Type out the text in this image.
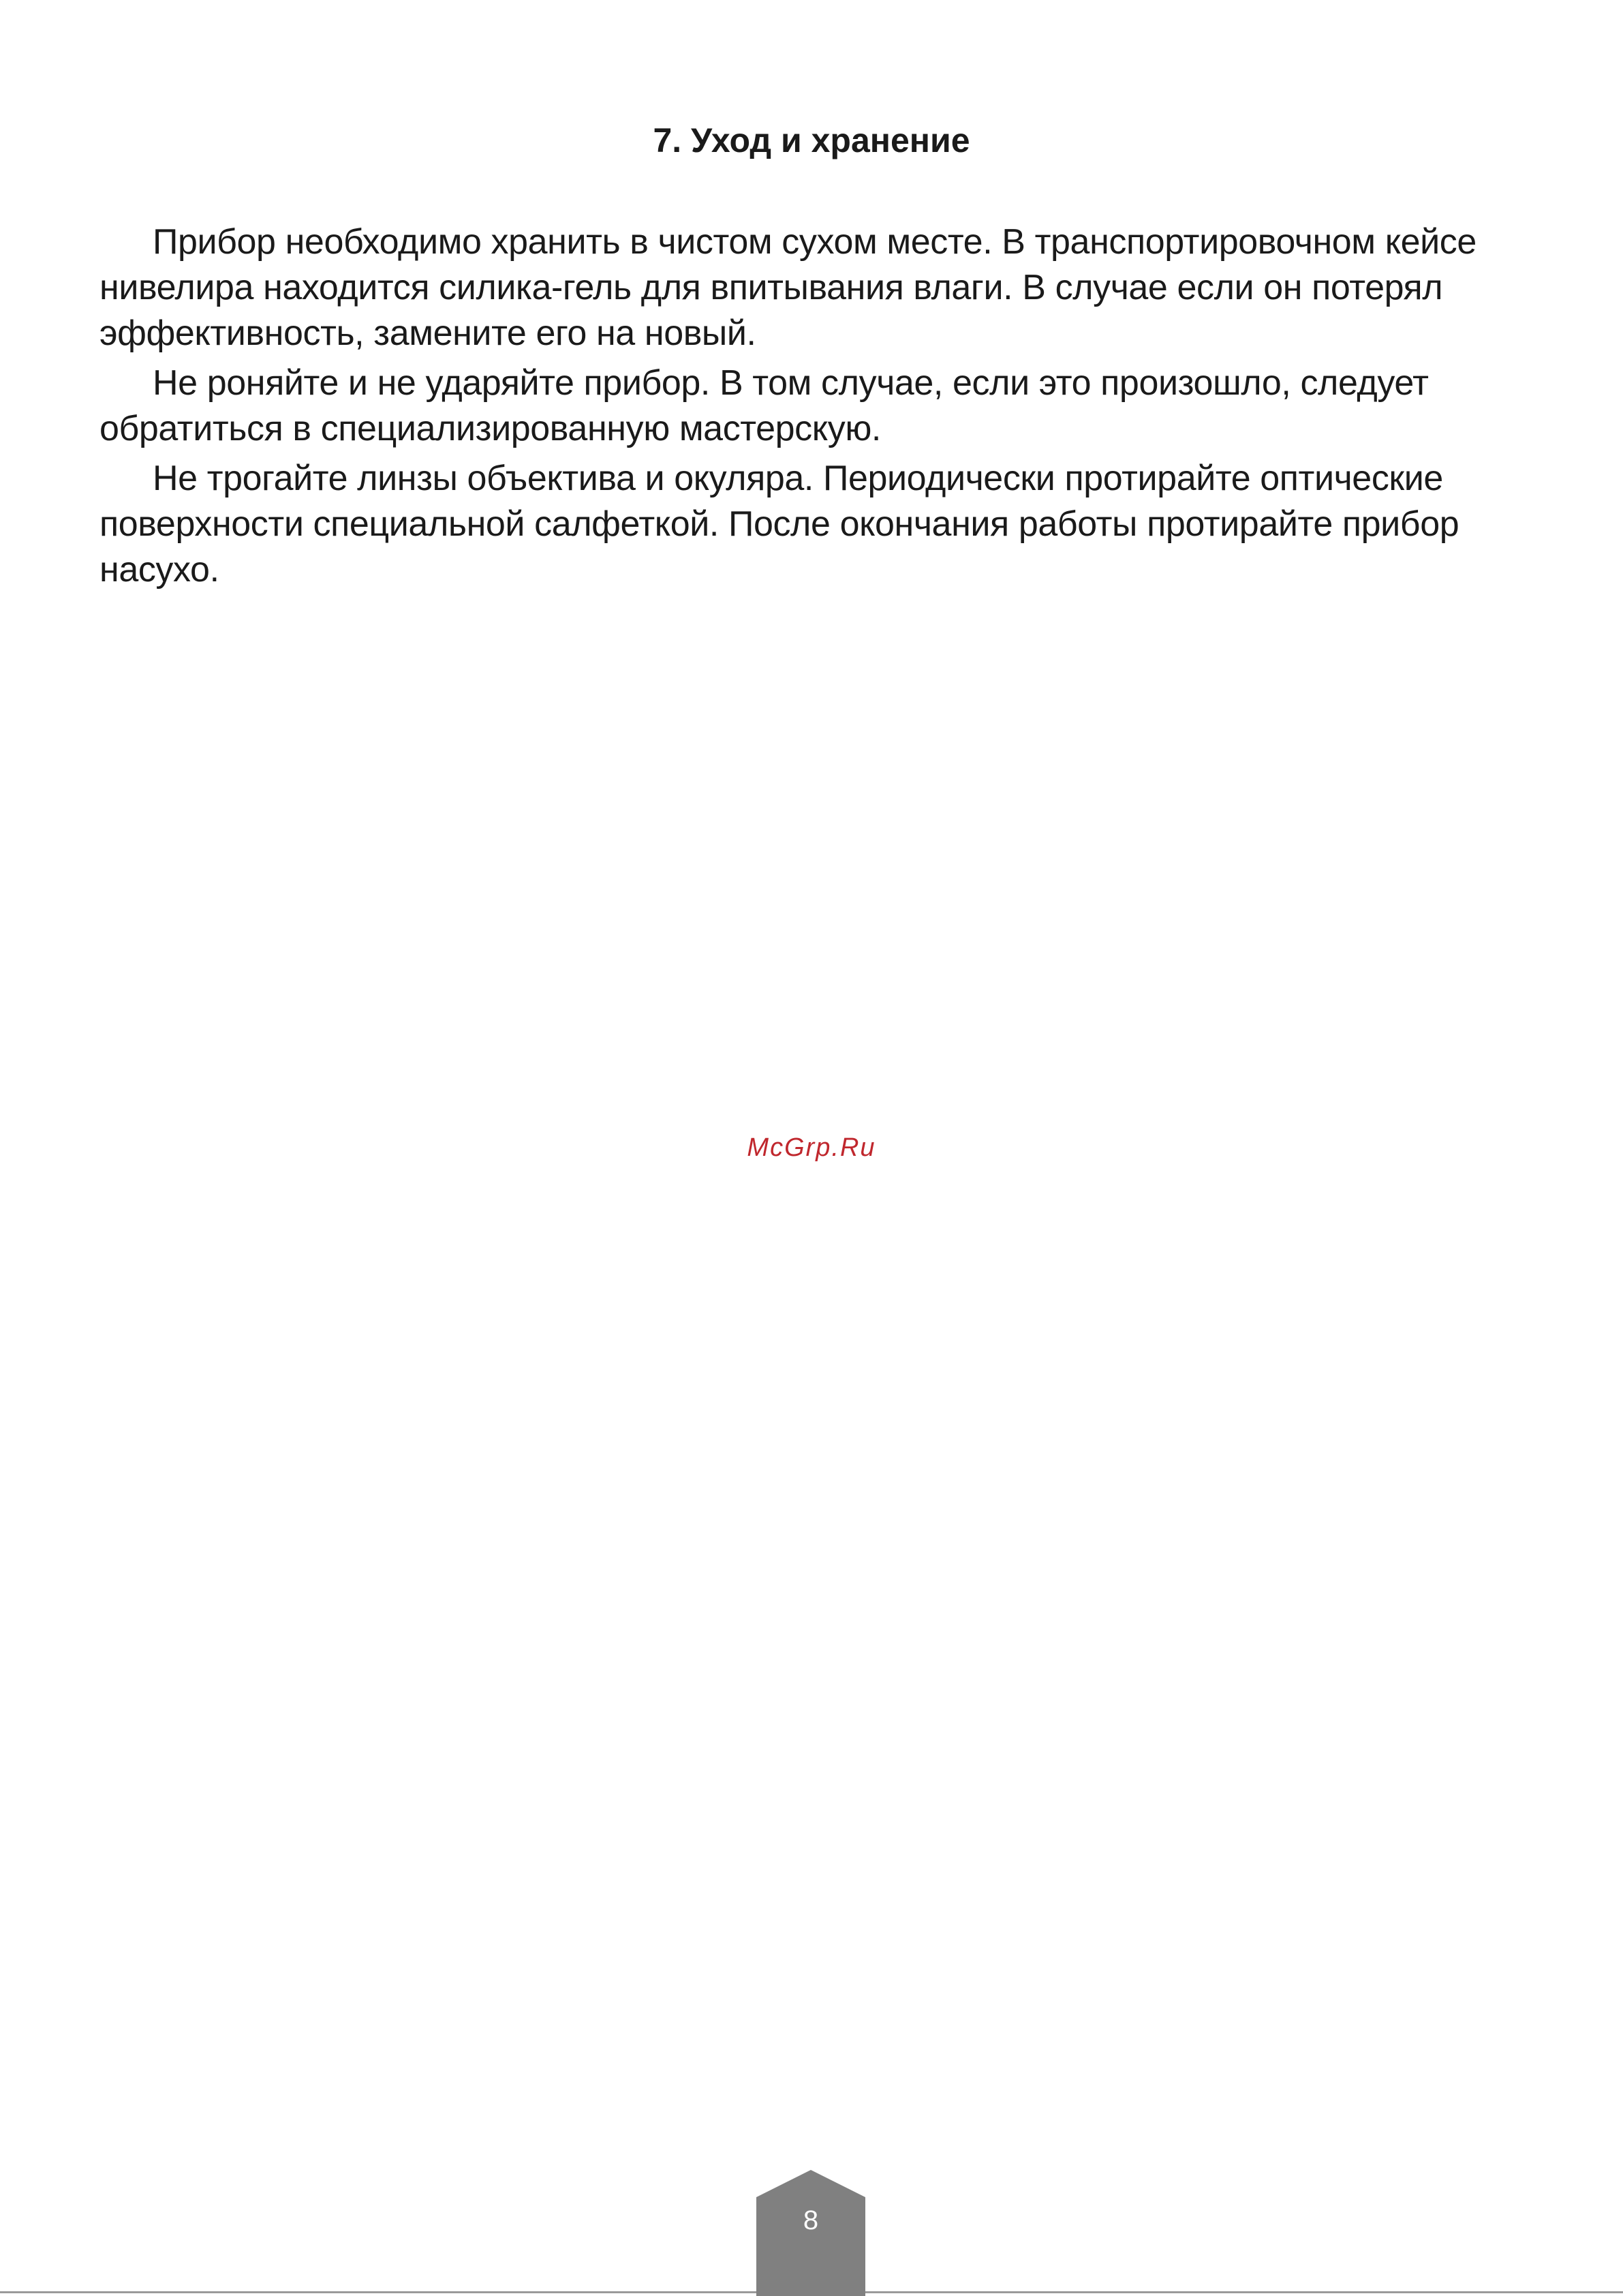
7. Уход и хранение

Прибор необходимо хранить в чистом сухом месте. В транспортировочном кейсе нивелира находится силика-гель для впитывания влаги. В случае если он потерял эффективность, замените его на новый.

Не роняйте и не ударяйте прибор. В том случае, если это произошло, следует обратиться в специализированную мастерскую.

Не трогайте линзы объектива и окуляра. Периодически протирайте оптические поверхности специальной салфеткой. После окончания работы протирайте прибор насухо.

McGrp.Ru
8
